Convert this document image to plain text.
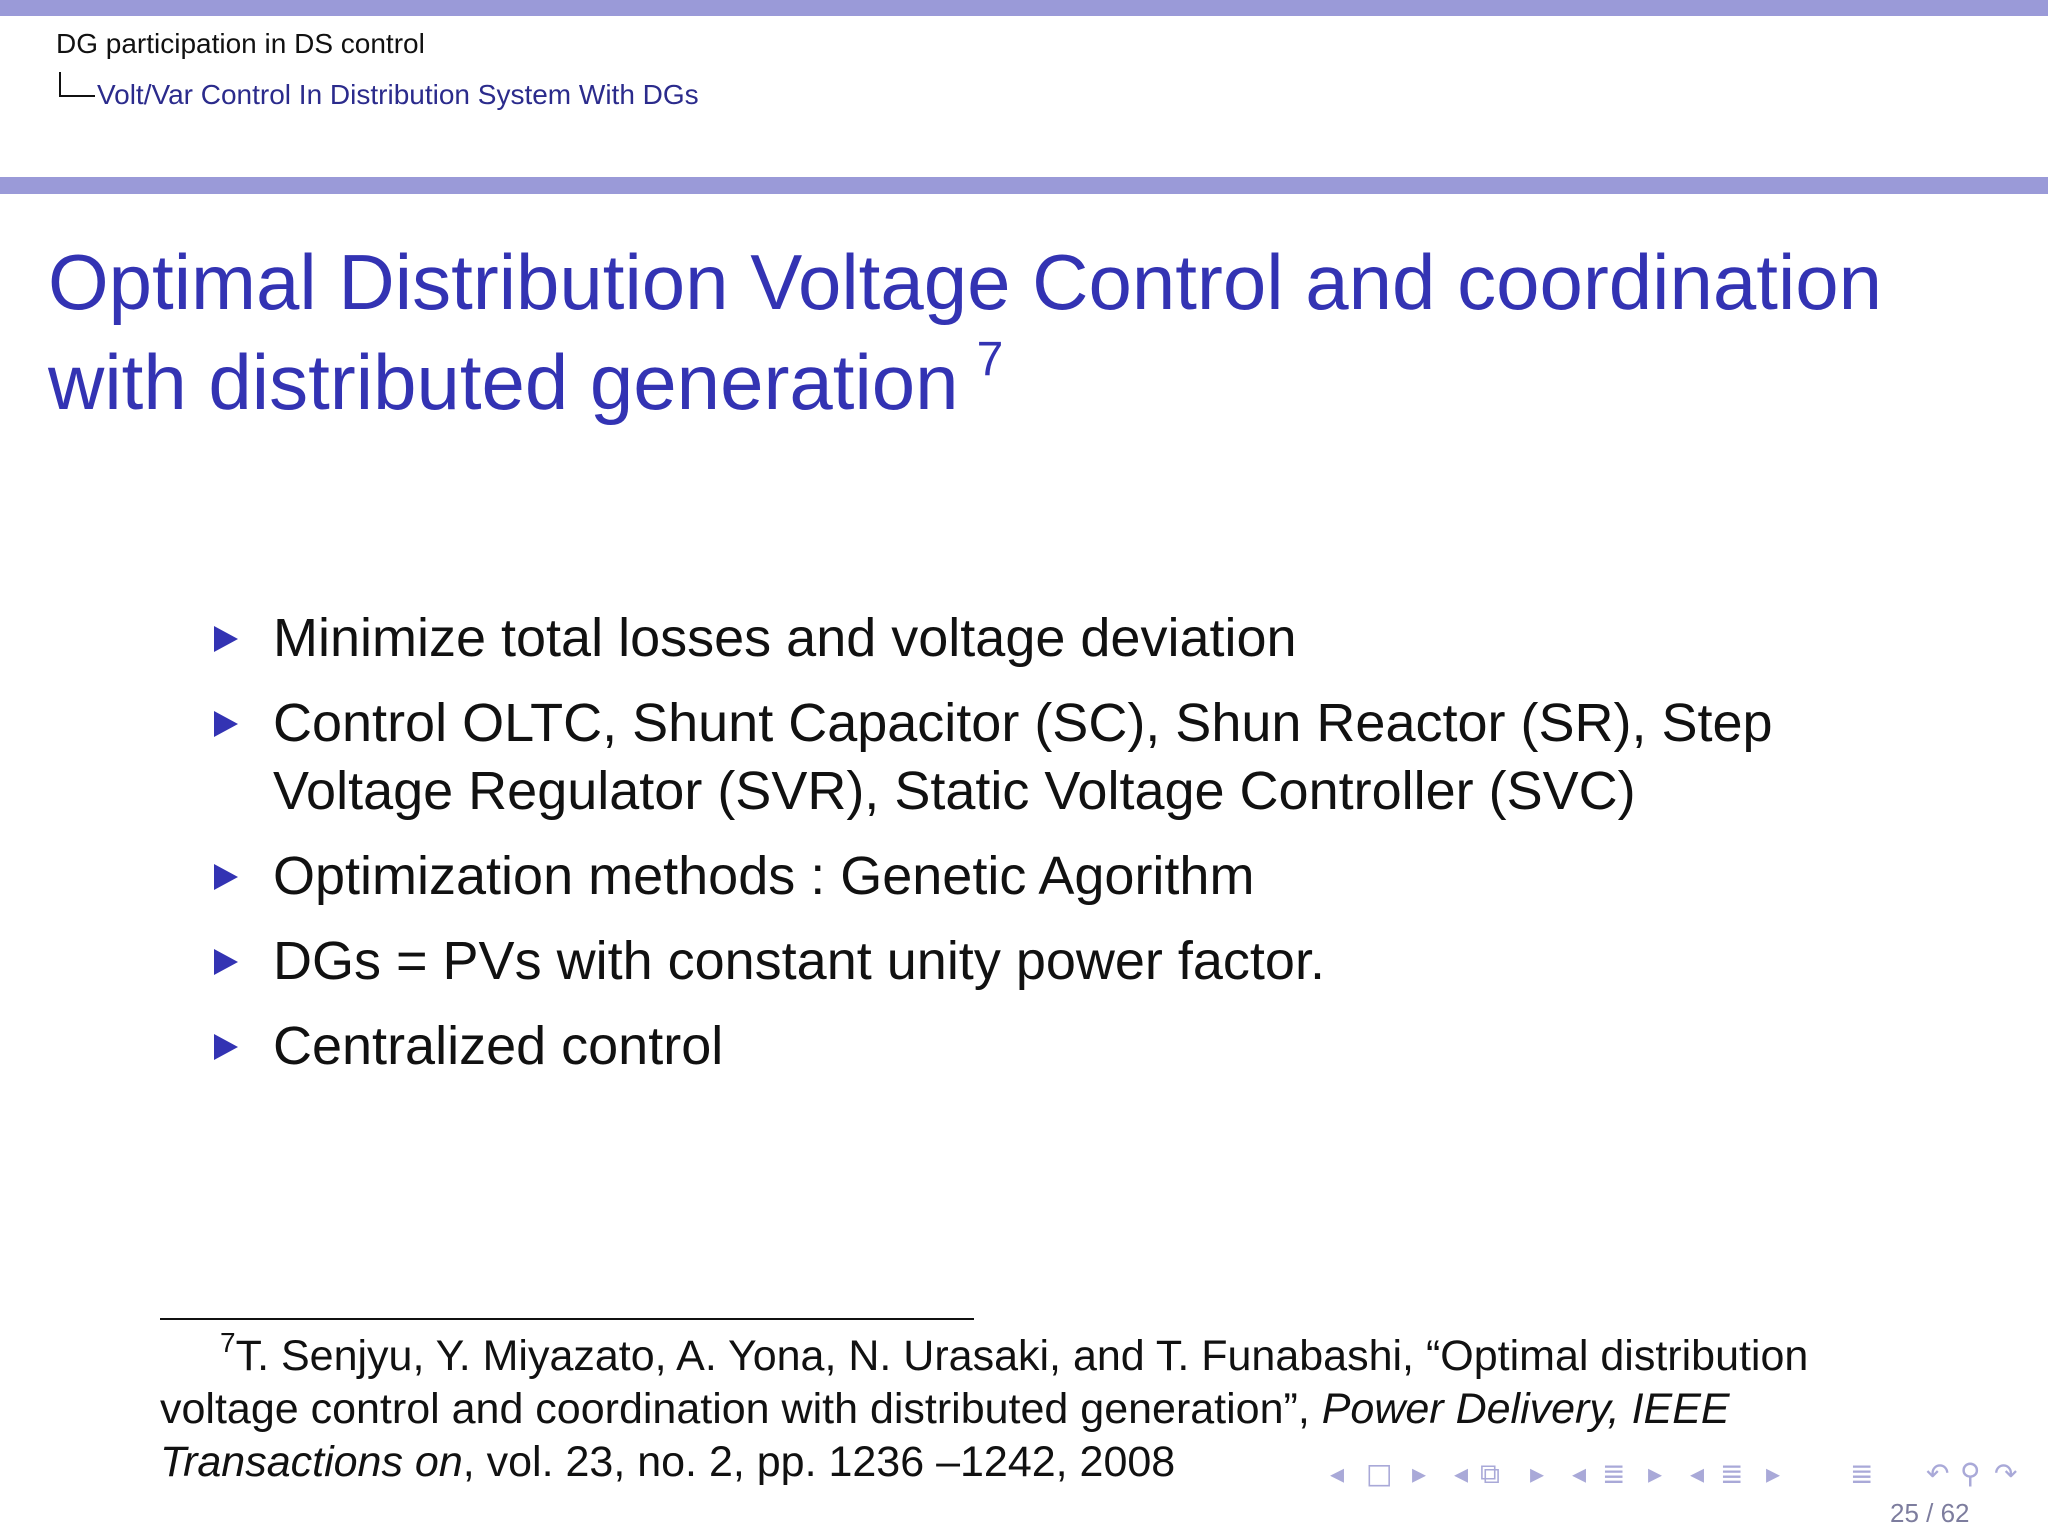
DG participation in DS control
Volt/Var Control In Distribution System With DGs
Optimal Distribution Voltage Control and coordination with distributed generation $^7$
Minimize total losses and voltage deviation
Control OLTC, Shunt Capacitor (SC), Shun Reactor (SR), Step Voltage Regulator (SVR), Static Voltage Controller (SVC)
Optimization methods : Genetic Agorithm
DGs = PVs with constant unity power factor.
Centralized control

$^7$T. Senjyu, Y. Miyazato, A. Yona, N. Urasaki, and T. Funabashi, “Optimal distribution voltage control and coordination with distributed generation”, Power Delivery, IEEE Transactions on, vol. 23, no. 2, pp. 1236 –1242, 2008	◂ □ ▸ ◂ ⧉ ▸ ◂ ≣ ▸ ◂ ≣ ▸ ≣ ↶ ⚲ ↷
25 / 62
